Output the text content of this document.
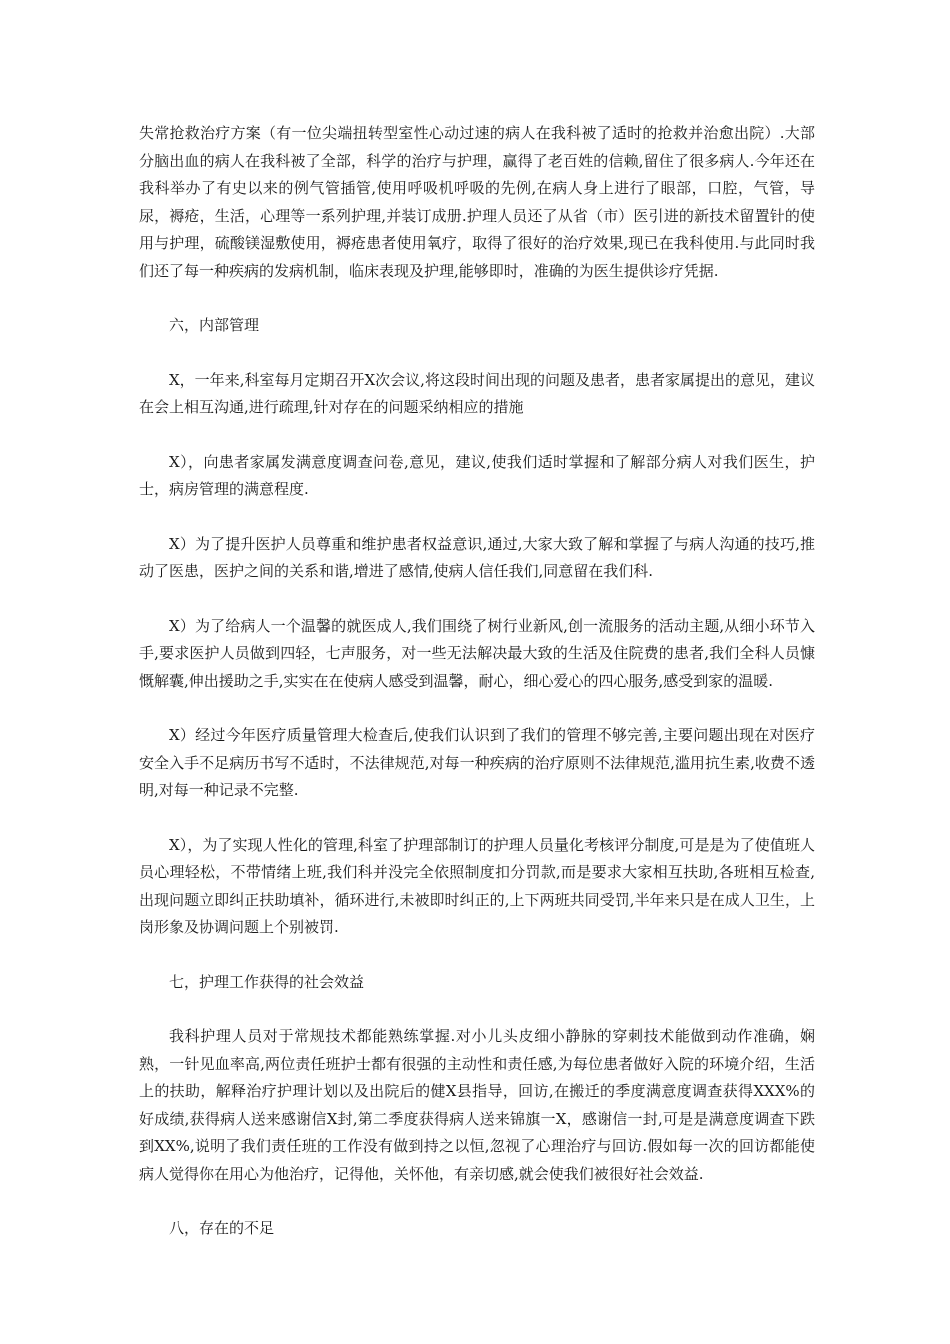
失常抢救治疗方案（有一位尖端扭转型室性心动过速的病人在我科被了适时的抢救并治愈出院）.大部分脑出血的病人在我科被了全部，科学的治疗与护理，赢得了老百姓的信赖,留住了很多病人.今年还在我科举办了有史以来的例气管插管,使用呼吸机呼吸的先例,在病人身上进行了眼部，口腔，气管，导尿，褥疮，生活，心理等一系列护理,并装订成册.护理人员还了从省（市）医引进的新技术留置针的使用与护理，硫酸镁湿敷使用，褥疮患者使用氧疗，取得了很好的治疗效果,现已在我科使用.与此同时我们还了每一种疾病的发病机制，临床表现及护理,能够即时，准确的为医生提供诊疗凭据.

六，内部管理

X，一年来,科室每月定期召开X次会议,将这段时间出现的问题及患者，患者家属提出的意见，建议在会上相互沟通,进行疏理,针对存在的问题采纳相应的措施

X），向患者家属发满意度调查问卷,意见，建议,使我们适时掌握和了解部分病人对我们医生，护士，病房管理的满意程度.

X）为了提升医护人员尊重和维护患者权益意识,通过,大家大致了解和掌握了与病人沟通的技巧,推动了医患，医护之间的关系和谐,增进了感情,使病人信任我们,同意留在我们科.

X）为了给病人一个温馨的就医成人,我们围绕了树行业新风,创一流服务的活动主题,从细小环节入手,要求医护人员做到四轻，七声服务，对一些无法解决最大致的生活及住院费的患者,我们全科人员慷慨解囊,伸出援助之手,实实在在使病人感受到温馨，耐心，细心爱心的四心服务,感受到家的温暖.

X）经过今年医疗质量管理大检查后,使我们认识到了我们的管理不够完善,主要问题出现在对医疗安全入手不足病历书写不适时，不法律规范,对每一种疾病的治疗原则不法律规范,滥用抗生素,收费不透明,对每一种记录不完整.

X），为了实现人性化的管理,科室了护理部制订的护理人员量化考核评分制度,可是是为了使值班人员心理轻松，不带情绪上班,我们科并没完全依照制度扣分罚款,而是要求大家相互扶助,各班相互检查,出现问题立即纠正扶助填补，循环进行,未被即时纠正的,上下两班共同受罚,半年来只是在成人卫生，上岗形象及协调问题上个别被罚.

七，护理工作获得的社会效益

我科护理人员对于常规技术都能熟练掌握.对小儿头皮细小静脉的穿刺技术能做到动作准确，娴熟，一针见血率高,两位责任班护士都有很强的主动性和责任感,为每位患者做好入院的环境介绍，生活上的扶助，解释治疗护理计划以及出院后的健X县指导，回访,在搬迁的季度满意度调查获得XXX%的好成绩,获得病人送来感谢信X封,第二季度获得病人送来锦旗一X，感谢信一封,可是是满意度调查下跌到XX%,说明了我们责任班的工作没有做到持之以恒,忽视了心理治疗与回访.假如每一次的回访都能使病人觉得你在用心为他治疗，记得他，关怀他，有亲切感,就会使我们被很好社会效益.

八，存在的不足
